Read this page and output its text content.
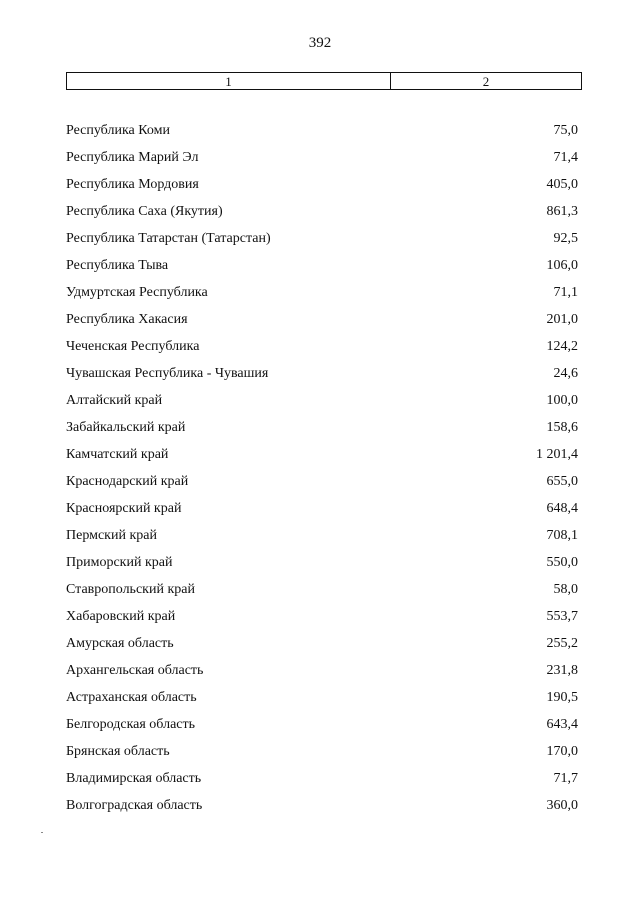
392
1	2
Республика Коми	75,0
Республика Марий Эл	71,4
Республика Мордовия	405,0
Республика Саха (Якутия)	861,3
Республика Татарстан (Татарстан)	92,5
Республика Тыва	106,0
Удмуртская Республика	71,1
Республика Хакасия	201,0
Чеченская Республика	124,2
Чувашская Республика - Чувашия	24,6
Алтайский край	100,0
Забайкальский край	158,6
Камчатский край	1 201,4
Краснодарский край	655,0
Красноярский край	648,4
Пермский край	708,1
Приморский край	550,0
Ставропольский край	58,0
Хабаровский край	553,7
Амурская область	255,2
Архангельская область	231,8
Астраханская область	190,5
Белгородская область	643,4
Брянская область	170,0
Владимирская область	71,7
Волгоградская область	360,0
